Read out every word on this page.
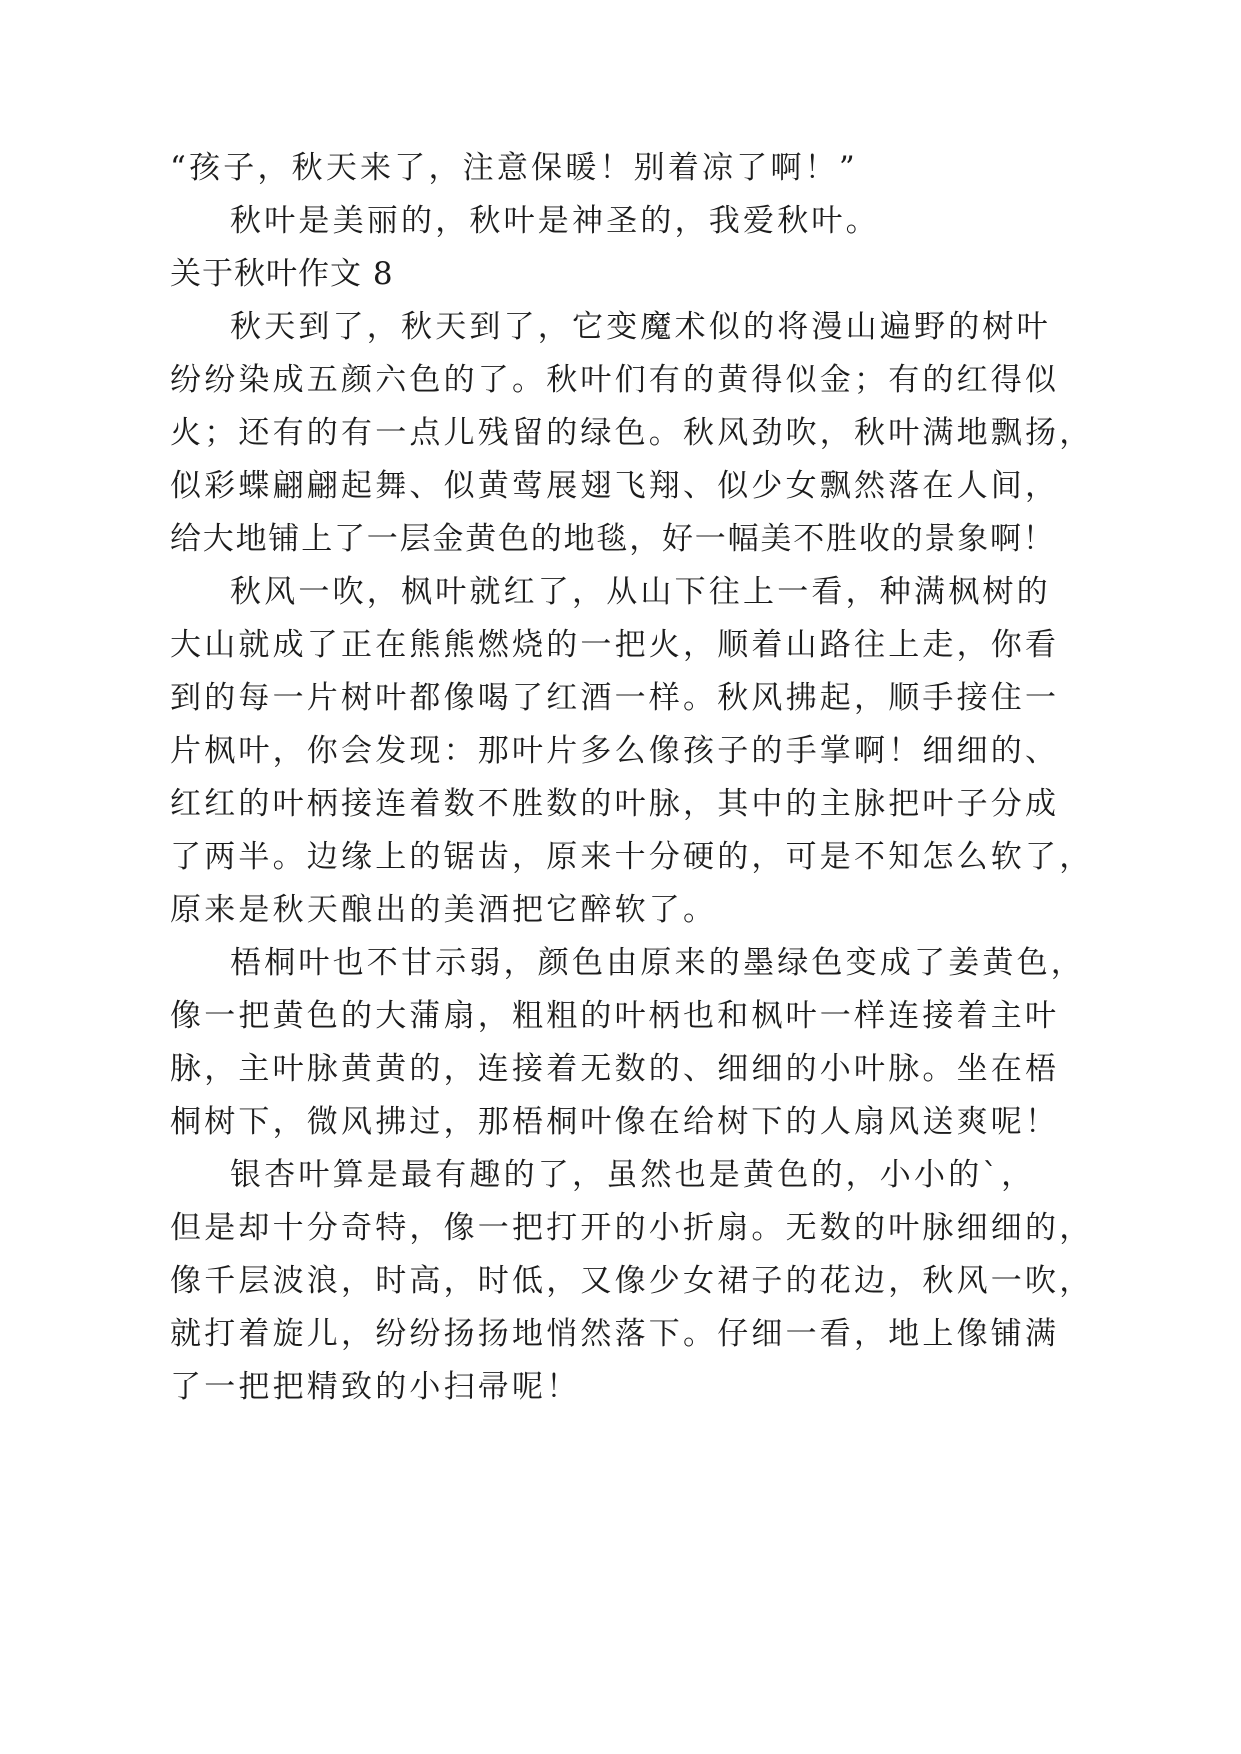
“孩子，秋天来了，注意保暖！别着凉了啊！”

秋叶是美丽的，秋叶是神圣的，我爱秋叶。

关于秋叶作文 8

秋天到了，秋天到了，它变魔术似的将漫山遍野的树叶

纷纷染成五颜六色的了。秋叶们有的黄得似金；有的红得似

火；还有的有一点儿残留的绿色。秋风劲吹，秋叶满地飘扬，

似彩蝶翩翩起舞、似黄莺展翅飞翔、似少女飘然落在人间，

给大地铺上了一层金黄色的地毯，好一幅美不胜收的景象啊！

秋风一吹，枫叶就红了，从山下往上一看，种满枫树的

大山就成了正在熊熊燃烧的一把火，顺着山路往上走，你看

到的每一片树叶都像喝了红酒一样。秋风拂起，顺手接住一

片枫叶，你会发现：那叶片多么像孩子的手掌啊！细细的、

红红的叶柄接连着数不胜数的叶脉，其中的主脉把叶子分成

了两半。边缘上的锯齿，原来十分硬的，可是不知怎么软了，

原来是秋天酿出的美酒把它醉软了。

梧桐叶也不甘示弱，颜色由原来的墨绿色变成了姜黄色，

像一把黄色的大蒲扇，粗粗的叶柄也和枫叶一样连接着主叶

脉，主叶脉黄黄的，连接着无数的、细细的小叶脉。坐在梧

桐树下，微风拂过，那梧桐叶像在给树下的人扇风送爽呢！

银杏叶算是最有趣的了，虽然也是黄色的，小小的`，

但是却十分奇特，像一把打开的小折扇。无数的叶脉细细的，

像千层波浪，时高，时低，又像少女裙子的花边，秋风一吹，

就打着旋儿，纷纷扬扬地悄然落下。仔细一看，地上像铺满

了一把把精致的小扫帚呢！
